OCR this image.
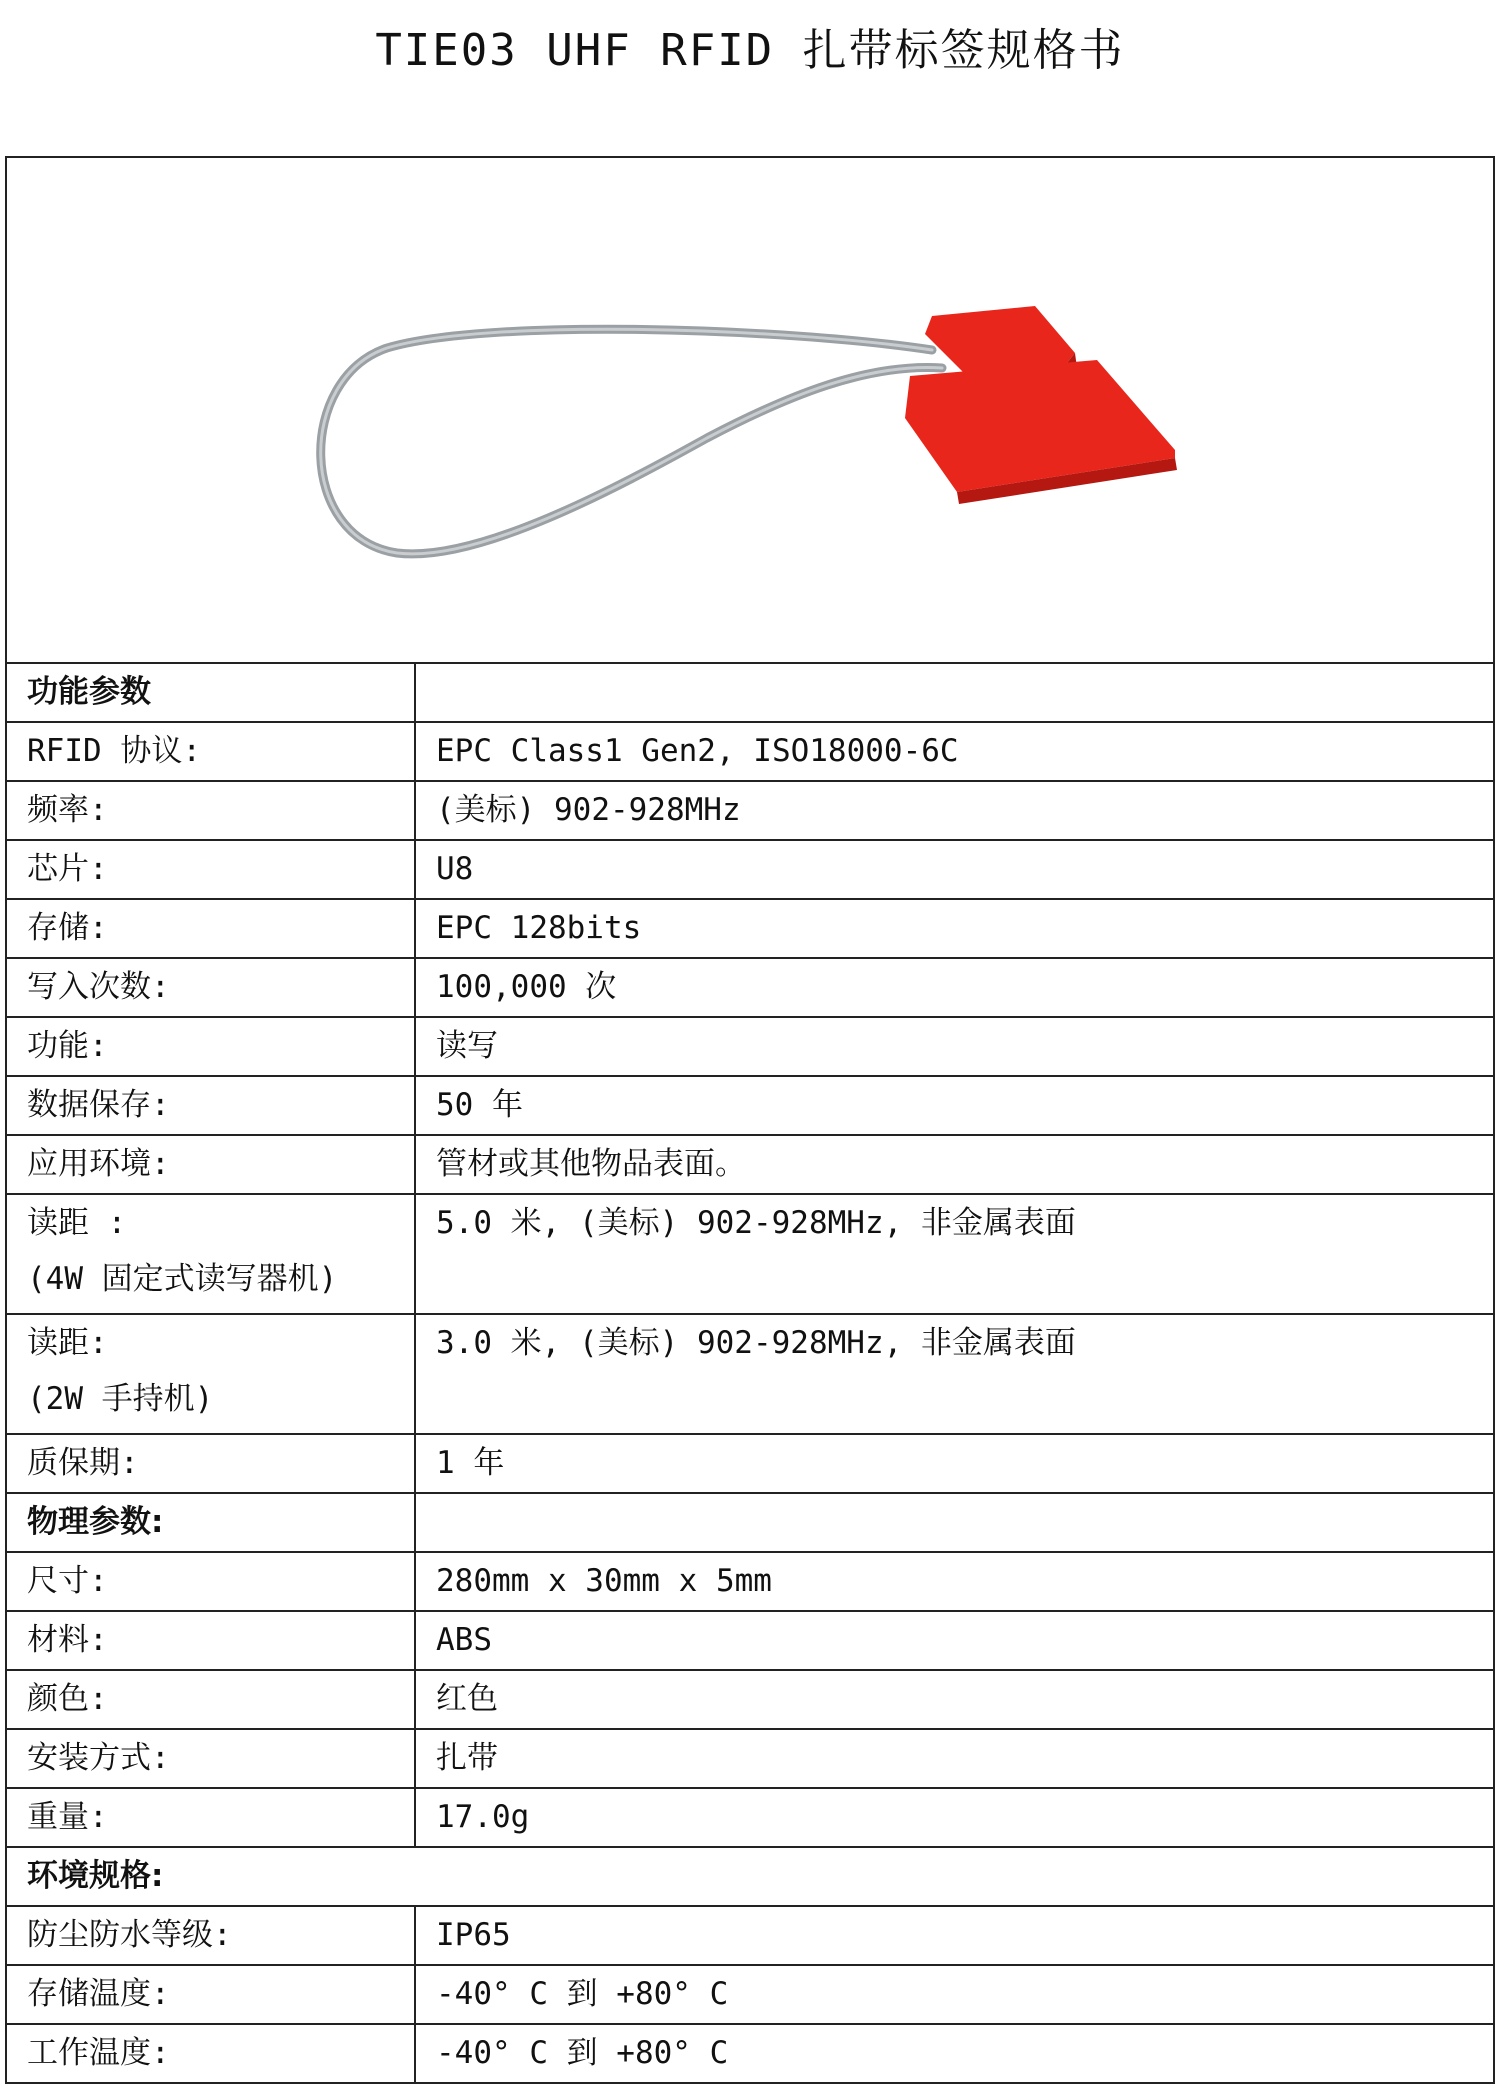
TIE03 UHF RFID 扎带标签规格书
功能参数	
RFID 协议:	EPC Class1 Gen2, ISO18000-6C
频率:	(美标) 902-928MHz
芯片:	U8
存储:	EPC 128bits
写入次数:	100,000 次
功能:	读写
数据保存:	50 年
应用环境:	管材或其他物品表面。

读距 :
(4W 固定式读写器机)	5.0 米, (美标) 902-928MHz, 非金属表面

读距:
(2W 手持机)	3.0 米, (美标) 902-928MHz, 非金属表面
质保期:	1 年
物理参数:	
尺寸:	280mm x 30mm x 5mm
材料:	ABS
颜色:	红色
安装方式:	扎带
重量:	17.0g
环境规格:	
防尘防水等级:	IP65
存储温度:	-40° C 到 +80° C
工作温度:	-40° C 到 +80° C
